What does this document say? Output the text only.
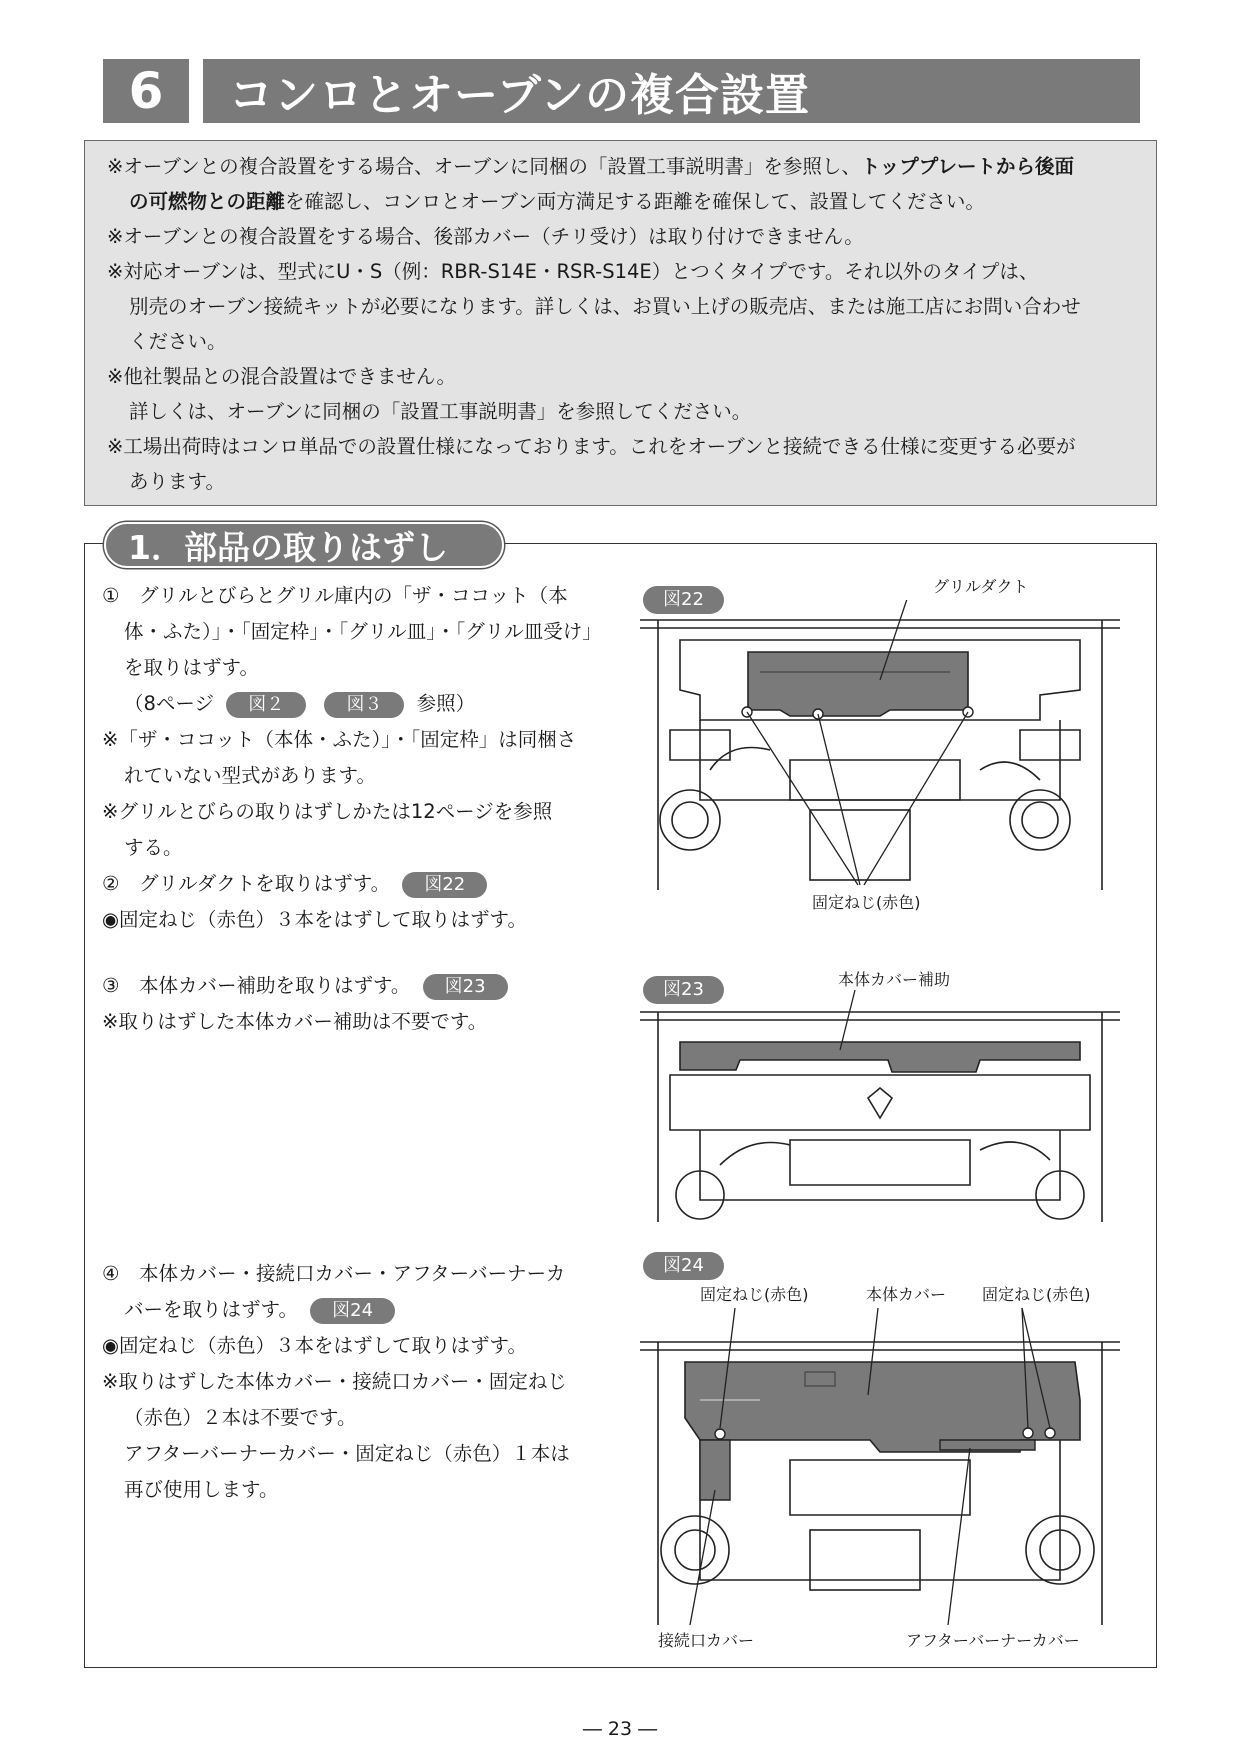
6	コンロとオーブンの複合設置
※オーブンとの複合設置をする場合、オーブンに同梱の「設置工事説明書」を参照し、トッププレートから後面
の可燃物との距離を確認し、コンロとオーブン両方満足する距離を確保して、設置してください。
※オーブンとの複合設置をする場合、後部カバー（チリ受け）は取り付けできません。
※対応オーブンは、型式にU・S（例：RBR-S14E・RSR-S14E）とつくタイプです。それ以外のタイプは、
別売のオーブン接続キットが必要になります。詳しくは、お買い上げの販売店、または施工店にお問い合わせ
ください。
※他社製品との混合設置はできません。
詳しくは、オーブンに同梱の「設置工事説明書」を参照してください。
※工場出荷時はコンロ単品での設置仕様になっております。これをオーブンと接続できる仕様に変更する必要が
あります。
1．部品の取りはずし
①　グリルとびらとグリル庫内の「ザ・ココット（本
体・ふた）」・「固定枠」・「グリル皿」・「グリル皿受け」
を取りはずす。
（8ページ 図２	図３ 参照）
※「ザ・ココット（本体・ふた）」・「固定枠」は同梱さ
れていない型式があります。
※グリルとびらの取りはずしかたは12ページを参照
する。
②　グリルダクトを取りはずす。 図22
◉固定ねじ（赤色）３本をはずして取りはずす。
③　本体カバー補助を取りはずす。 図23
※取りはずした本体カバー補助は不要です。
④　本体カバー・接続口カバー・アフターバーナーカ
バーを取りはずす。 図24
◉固定ねじ（赤色）３本をはずして取りはずす。
※取りはずした本体カバー・接続口カバー・固定ねじ
（赤色）２本は不要です。
アフターバーナーカバー・固定ねじ（赤色）１本は
再び使用します。
図22
グリルダクト
固定ねじ(赤色)
図23	本体カバー補助
図24
固定ねじ(赤色)	本体カバー 固定ねじ(赤色)
接続口カバー	アフターバーナーカバー
― 23 ―
